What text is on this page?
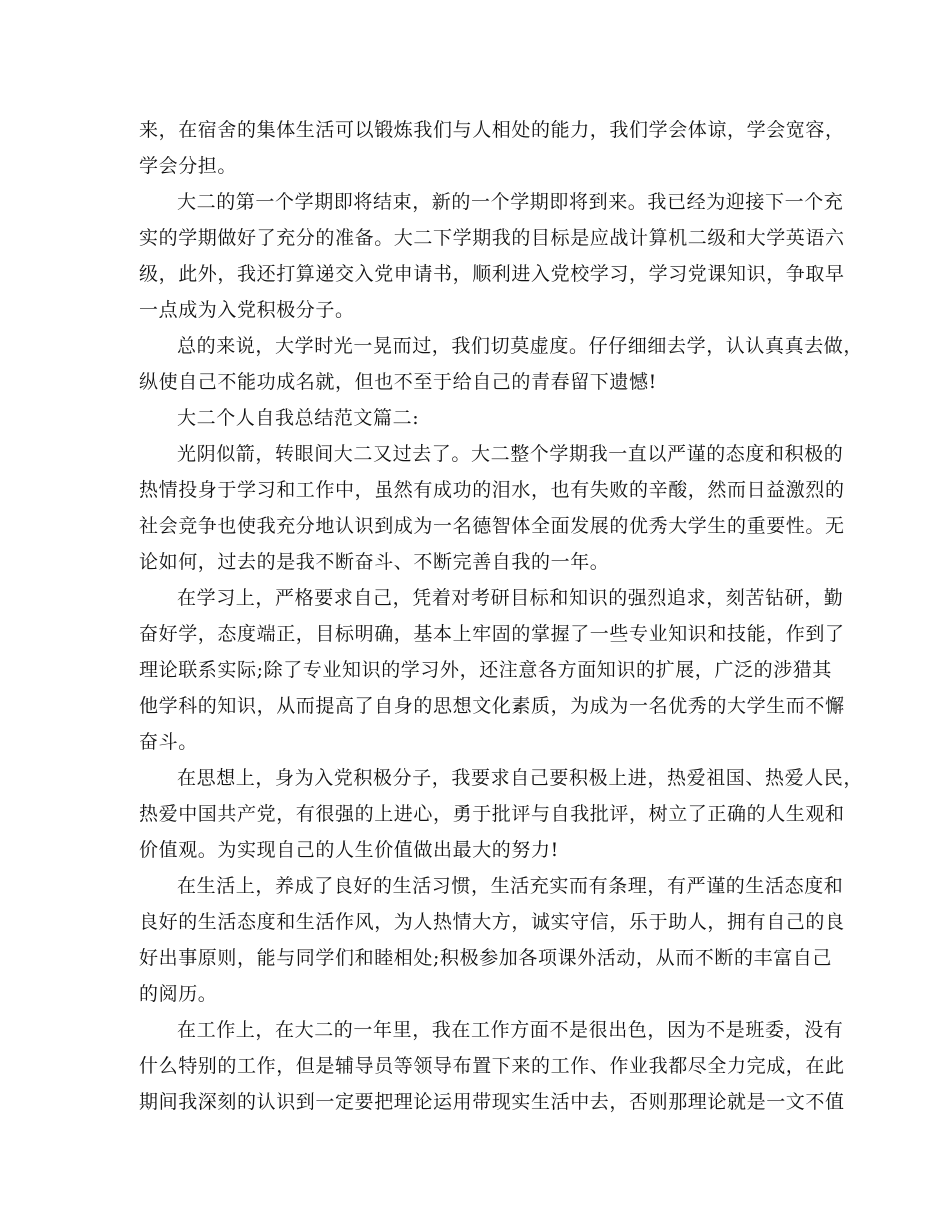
来，在宿舍的集体生活可以锻炼我们与人相处的能力，我们学会体谅，学会宽容，
学会分担。
大二的第一个学期即将结束，新的一个学期即将到来。我已经为迎接下一个充
实的学期做好了充分的准备。大二下学期我的目标是应战计算机二级和大学英语六
级，此外，我还打算递交入党申请书，顺利进入党校学习，学习党课知识，争取早
一点成为入党积极分子。
总的来说，大学时光一晃而过，我们切莫虚度。仔仔细细去学，认认真真去做，
纵使自己不能功成名就，但也不至于给自己的青春留下遗憾!
大二个人自我总结范文篇二:
光阴似箭，转眼间大二又过去了。大二整个学期我一直以严谨的态度和积极的
热情投身于学习和工作中，虽然有成功的泪水，也有失败的辛酸，然而日益激烈的
社会竞争也使我充分地认识到成为一名德智体全面发展的优秀大学生的重要性。无
论如何，过去的是我不断奋斗、不断完善自我的一年。
在学习上，严格要求自己，凭着对考研目标和知识的强烈追求，刻苦钻研，勤
奋好学，态度端正，目标明确，基本上牢固的掌握了一些专业知识和技能，作到了
理论联系实际;除了专业知识的学习外，还注意各方面知识的扩展，广泛的涉猎其
他学科的知识，从而提高了自身的思想文化素质，为成为一名优秀的大学生而不懈
奋斗。
在思想上，身为入党积极分子，我要求自己要积极上进，热爱祖国、热爱人民，
热爱中国共产党，有很强的上进心，勇于批评与自我批评，树立了正确的人生观和
价值观。为实现自己的人生价值做出最大的努力!
在生活上，养成了良好的生活习惯，生活充实而有条理，有严谨的生活态度和
良好的生活态度和生活作风，为人热情大方，诚实守信，乐于助人，拥有自己的良
好出事原则，能与同学们和睦相处;积极参加各项课外活动，从而不断的丰富自己
的阅历。
在工作上，在大二的一年里，我在工作方面不是很出色，因为不是班委，没有
什么特别的工作，但是辅导员等领导布置下来的工作、作业我都尽全力完成，在此
期间我深刻的认识到一定要把理论运用带现实生活中去，否则那理论就是一文不值
